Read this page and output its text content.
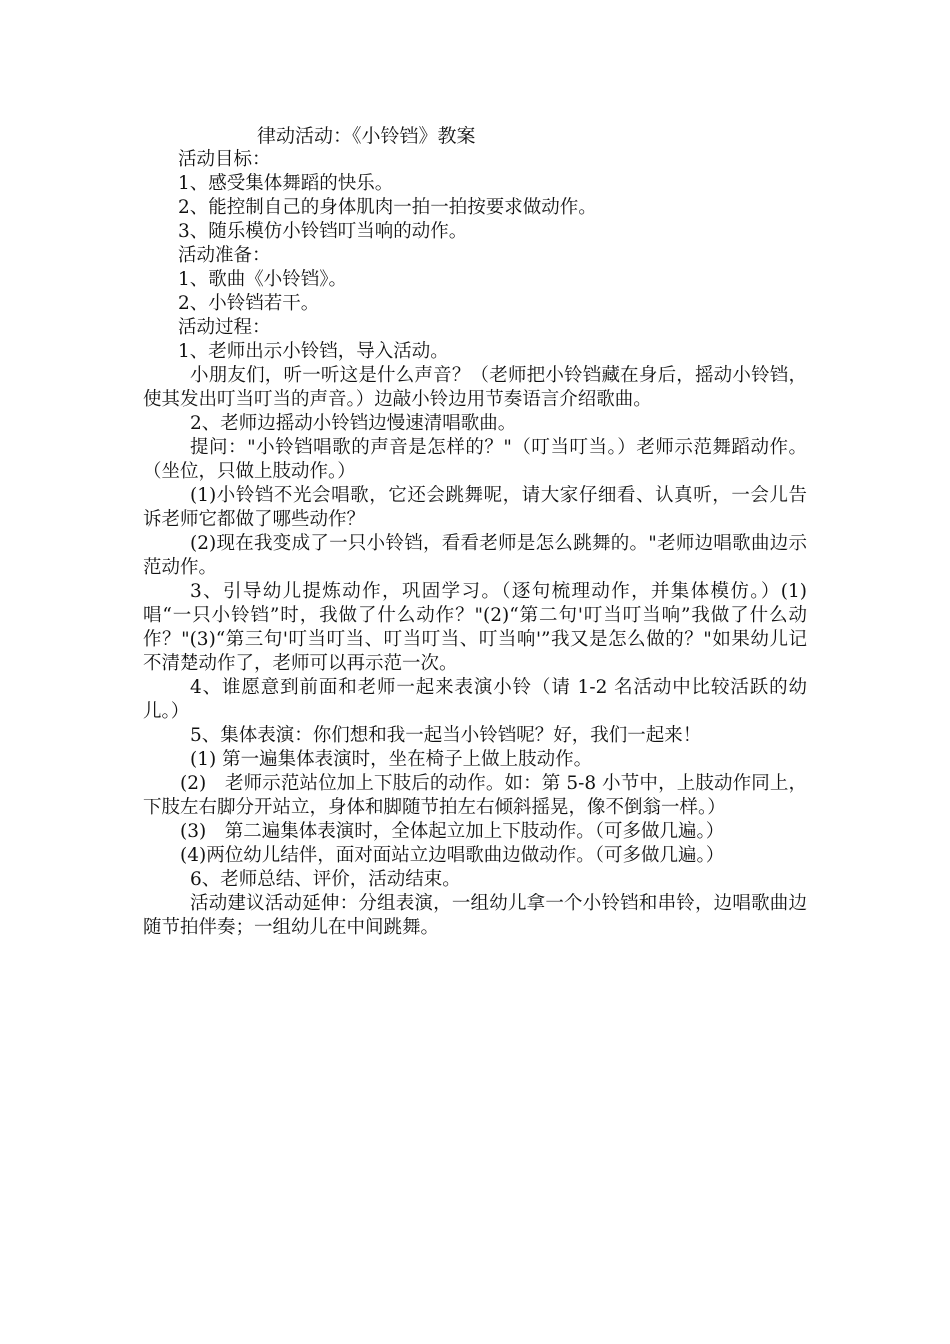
律动活动：《小铃铛》教案

活动目标：

1、感受集体舞蹈的快乐。

2、能控制自己的身体肌肉一拍一拍按要求做动作。

3、随乐模仿小铃铛叮当响的动作。

活动准备：

1、歌曲《小铃铛》。

2、小铃铛若干。

活动过程：

1、老师出示小铃铛，导入活动。

小朋友们，听一听这是什么声音？（老师把小铃铛藏在身后，摇动小铃铛，使其发出叮当叮当的声音。）边敲小铃边用节奏语言介绍歌曲。

2、老师边摇动小铃铛边慢速清唱歌曲。

提问："小铃铛唱歌的声音是怎样的？"（叮当叮当。）老师示范舞蹈动作。（坐位，只做上肢动作。）

(1)小铃铛不光会唱歌，它还会跳舞呢，请大家仔细看、认真听，一会儿告诉老师它都做了哪些动作？

(2)现在我变成了一只小铃铛，看看老师是怎么跳舞的。"老师边唱歌曲边示范动作。

3、引导幼儿提炼动作，巩固学习。（逐句梳理动作，并集体模仿。）(1)唱“一只小铃铛”时，我做了什么动作？"(2)“第二句'叮当叮当响”我做了什么动作？"(3)“第三句'叮当叮当、叮当叮当、叮当响'”我又是怎么做的？"如果幼儿记不清楚动作了，老师可以再示范一次。

4、谁愿意到前面和老师一起来表演小铃（请 1-2 名活动中比较活跃的幼儿。）

5、集体表演：你们想和我一起当小铃铛呢？好，我们一起来！

(1) 第一遍集体表演时，坐在椅子上做上肢动作。

(2)　老师示范站位加上下肢后的动作。如：第 5-8 小节中，上肢动作同上，下肢左右脚分开站立，身体和脚随节拍左右倾斜摇晃，像不倒翁一样。）

(3)　第二遍集体表演时，全体起立加上下肢动作。（可多做几遍。）

(4)两位幼儿结伴，面对面站立边唱歌曲边做动作。（可多做几遍。）

6、老师总结、评价，活动结束。

活动建议活动延伸：分组表演，一组幼儿拿一个小铃铛和串铃，边唱歌曲边随节拍伴奏；一组幼儿在中间跳舞。
